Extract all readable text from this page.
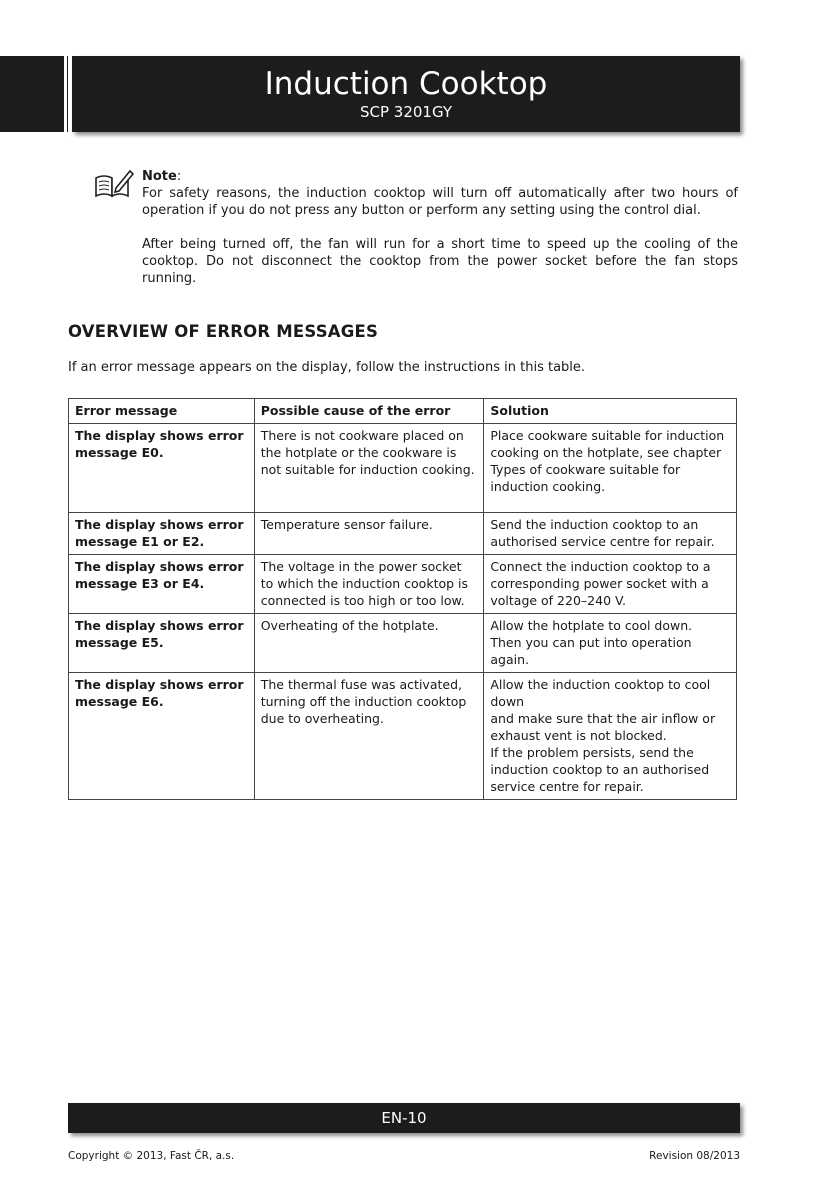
EN
Induction Cooktop
SCP 3201GY
Note:

For safety reasons, the induction cooktop will turn off automatically after two hours of operation if you do not press any button or perform any setting using the control dial.

After being turned off, the fan will run for a short time to speed up the cooling of the cooktop. Do not disconnect the cooktop from the power socket before the fan stops running.

OVERVIEW OF ERROR MESSAGES
If an error message appears on the display, follow the instructions in this table.
Error message	Possible cause of the error	Solution
The display shows error message E0.	There is not cookware placed on the hotplate or the cookware is not suitable for induction cooking.	Place cookware suitable for induction cooking on the hotplate, see chapter Types of cookware suitable for induction cooking.

The display shows error message E1 or E2.	Temperature sensor failure.	Send the induction cooktop to an authorised service centre for repair.

The display shows error message E3 or E4.	The voltage in the power socket to which the induction cooktop is connected is too high or too low.	Connect the induction cooktop to a corresponding power socket with a voltage of 220–240 V.

The display shows error message E5.	Overheating of the hotplate.	Allow the hotplate to cool down.
Then you can put into operation again.

The display shows error message E6.	The thermal fuse was activated, turning off the induction cooktop due to overheating.	Allow the induction cooktop to cool down
and make sure that the air inflow or exhaust vent is not blocked.
If the problem persists, send the induction cooktop to an authorised service centre for repair.
EN-10
Copyright © 2013, Fast ČR, a.s.	Revision 08/2013
